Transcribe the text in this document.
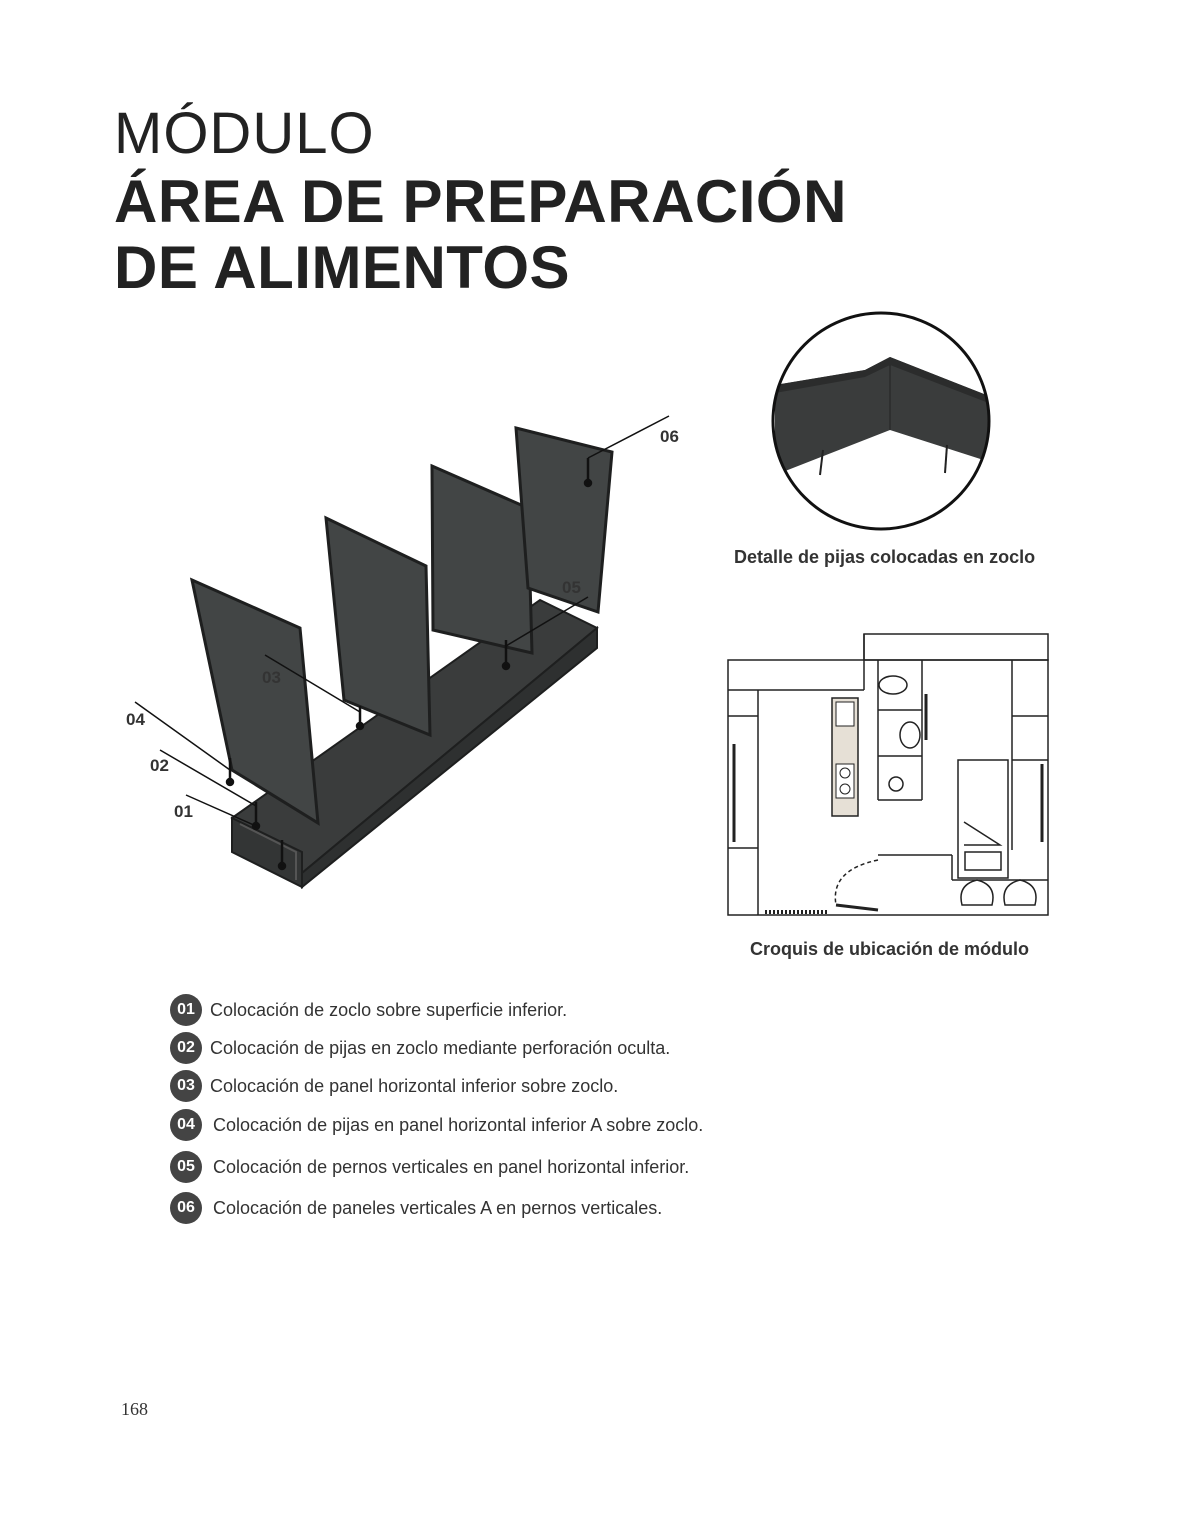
MÓDULO
ÁREA DE PREPARACIÓN
DE ALIMENTOS
01
02
03
04
05
06
Detalle de pijas colocadas en zoclo
Croquis de ubicación de módulo
01 Colocación de zoclo sobre superficie inferior.
02 Colocación de pijas en zoclo mediante perforación oculta.
03 Colocación de panel horizontal inferior sobre zoclo.
04	Colocación de pijas en panel horizontal inferior A sobre zoclo.
05	Colocación de pernos verticales en panel horizontal inferior.
06	Colocación de paneles verticales A en pernos verticales.
168
